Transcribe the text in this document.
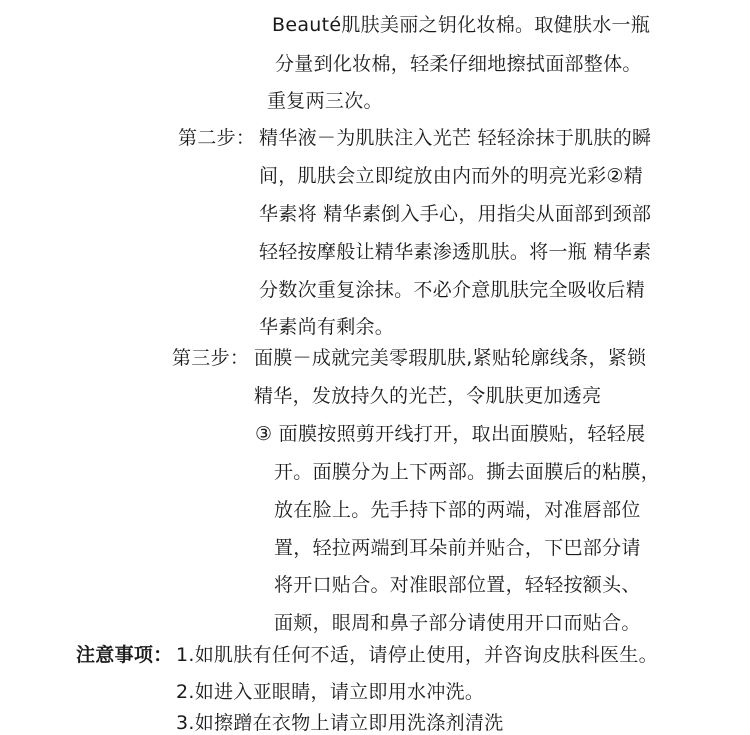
Beauté肌肤美丽之钥化妆棉。取健肤水一瓶
分量到化妆棉，轻柔仔细地擦拭面部整体。
重复两三次。
第二步： 精华液－为肌肤注入光芒 轻轻涂抹于肌肤的瞬
间，肌肤会立即绽放由内而外的明亮光彩②精
华素将 精华素倒入手心，用指尖从面部到颈部
轻轻按摩般让精华素渗透肌肤。将一瓶 精华素
分数次重复涂抹。不必介意肌肤完全吸收后精
华素尚有剩余。
第三步： 面膜－成就完美零瑕肌肤,紧贴轮廓线条，紧锁
精华，发放持久的光芒，令肌肤更加透亮
③ 面膜按照剪开线打开，取出面膜贴，轻轻展
开。面膜分为上下两部。撕去面膜后的粘膜，
放在脸上。先手持下部的两端，对准唇部位
置，轻拉两端到耳朵前并贴合，下巴部分请
将开口贴合。对准眼部位置，轻轻按额头、
面颊，眼周和鼻子部分请使用开口而贴合。
注意事项： 1.如肌肤有任何不适，请停止使用，并咨询皮肤科医生。
2.如进入亚眼睛，请立即用水冲洗。
3.如擦蹭在衣物上请立即用洗涤剂清洗
